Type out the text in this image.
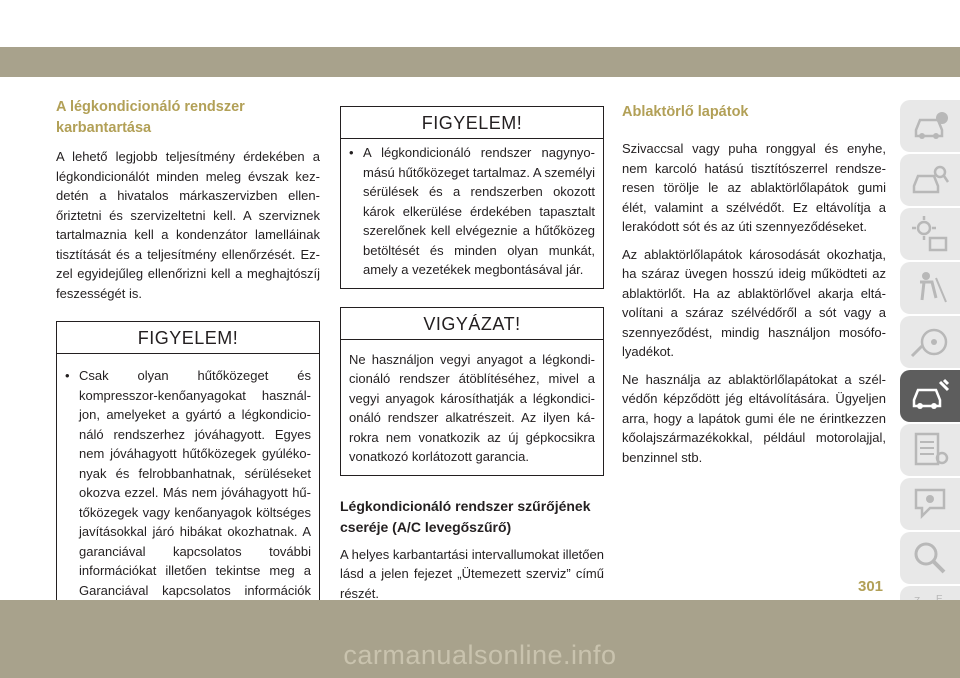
A légkondicionáló rendszer karbantartása

A lehető legjobb teljesítmény érdekében a légkondicionálót minden meleg évszak kezdetén a hivatalos márkaszervizben ellenőriztetni és szervizeltetni kell. A szerviznek tartalmaznia kell a kondenzátor lamelláinak tisztítását és a teljesítmény ellenőrzését. Ezzel egyidejűleg ellenőrizni kell a meghajtószíj feszességét is.

FIGYELEM!
• Csak olyan hűtőközeget és kompresszor-kenőanyagokat használjon, amelyeket a gyártó a légkondicionáló rendszerhez jóváhagyott. Egyes nem jóváhagyott hűtőközegek gyúlékonyak és felrobbanhatnak, sérüléseket okozva ezzel. Más nem jóváhagyott hűtőközegek vagy kenőanyagok költséges javításokkal járó hibákat okozhatnak. A garanciával kapcsolatos további információkat illetően tekintse meg a Garanciával kapcsolatos információk
FIGYELEM!
• A légkondicionáló rendszer nagynyomású hűtőközeget tartalmaz. A személyi sérülések és a rendszerben okozott károk elkerülése érdekében tapasztalt szerelőnek kell elvégeznie a hűtőközeg betöltését és minden olyan munkát, amely a vezetékek megbontásával jár.
VIGYÁZAT!
Ne használjon vegyi anyagot a légkondicionáló rendszer átöblítéséhez, mivel a vegyi anyagok károsíthatják a légkondicionáló rendszer alkatrészeit. Az ilyen károkra nem vonatkozik az új gépkocsikra vonatkozó korlátozott garancia.
Légkondicionáló rendszer szűrőjének cseréje (A/C levegőszűrő)

A helyes karbantartási intervallumokat illetően lásd a jelen fejezet „Ütemezett szerviz” című részét.

Ablaktörlő lapátok

Szivaccsal vagy puha ronggyal és enyhe, nem karcoló hatású tisztítószerrel rendszeresen törölje le az ablaktörlőlapátok gumi élét, valamint a szélvédőt. Ez eltávolítja a lerakódott sót és az úti szennyeződéseket.

Az ablaktörlőlapátok károsodását okozhatja, ha száraz üvegen hosszú ideig működteti az ablaktörlőt. Ha az ablaktörlővel akarja eltávolítani a száraz szélvédőről a sót vagy a szennyeződést, mindig használjon mosófolyadékot.

Ne használja az ablaktörlőlapátokat a szélvédőn képződött jég eltávolítására. Ügyeljen arra, hogy a lapátok gumi éle ne érintkezzen kőolajszármazékokkal, például motorolajjal, benzinnel stb.

301
carmanualsonline.info
